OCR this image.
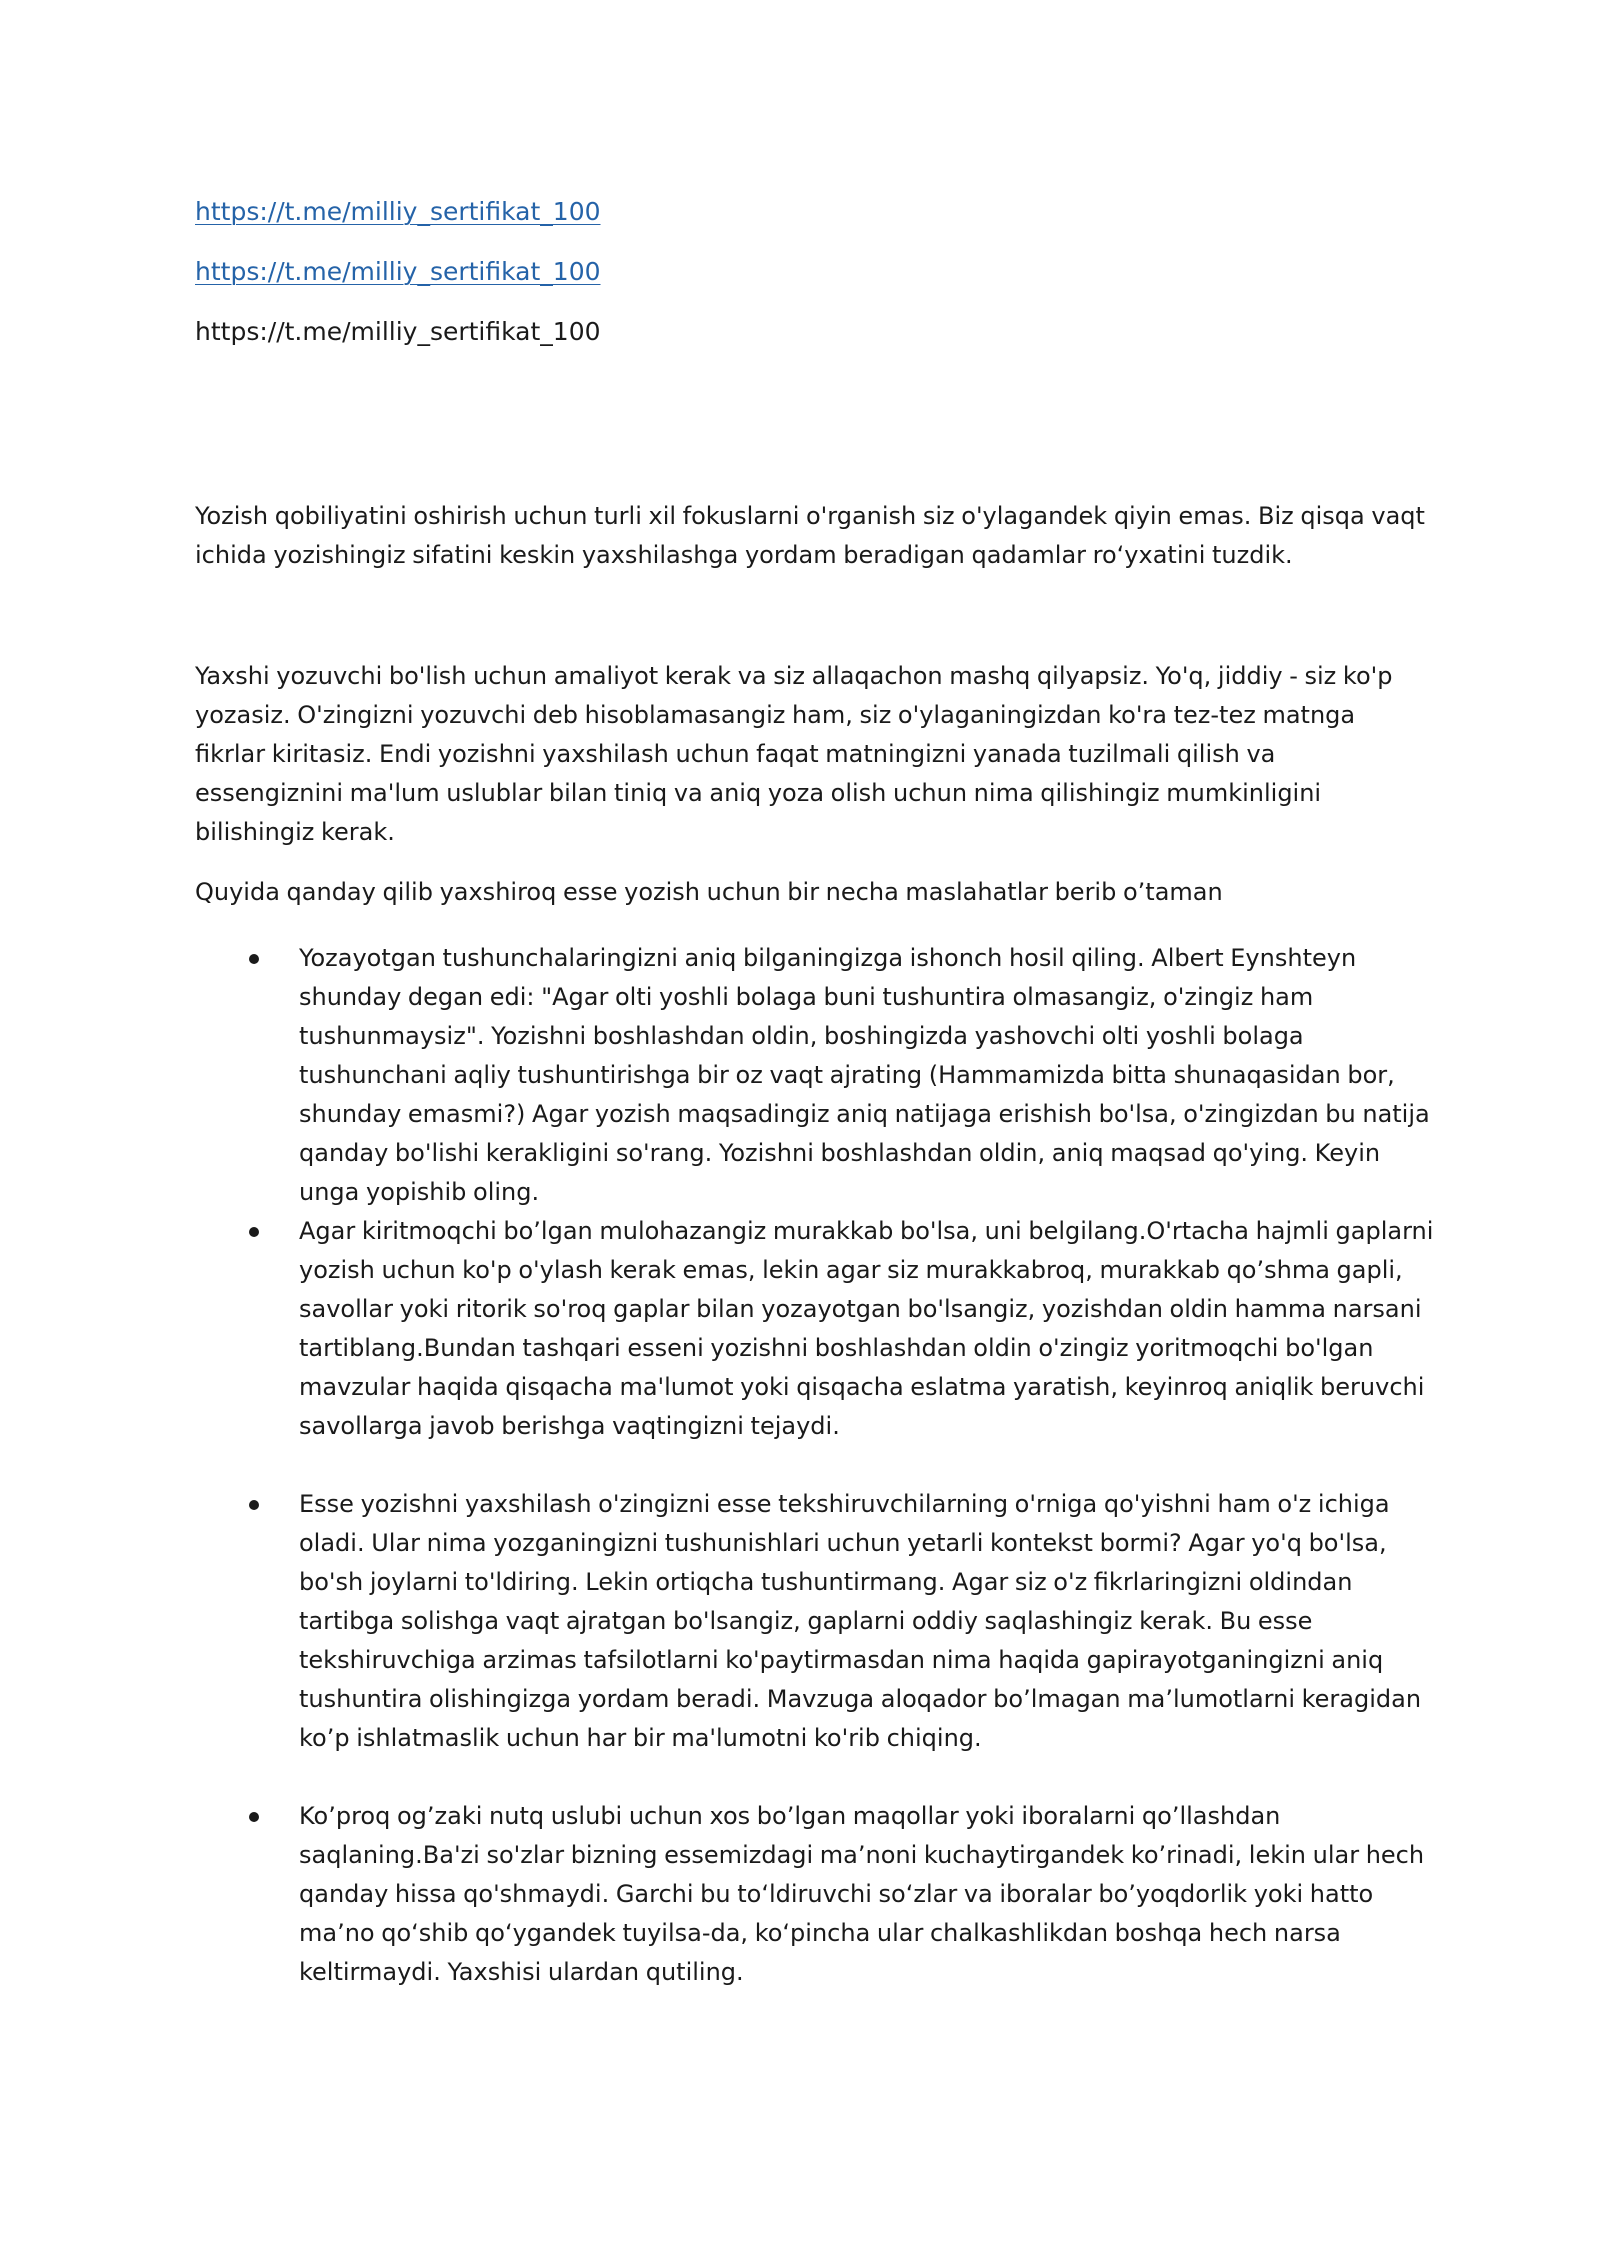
https://t.me/milliy_sertifikat_100
https://t.me/milliy_sertifikat_100
https://t.me/milliy_sertifikat_100

Yozish qobiliyatini oshirish uchun turli xil fokuslarni o'rganish siz o'ylagandek qiyin emas. Biz qisqa vaqt ichida yozishingiz sifatini keskin yaxshilashga yordam beradigan qadamlar ro‘yxatini tuzdik.

Yaxshi yozuvchi bo'lish uchun amaliyot kerak va siz allaqachon mashq qilyapsiz. Yo'q, jiddiy - siz ko'p yozasiz. O'zingizni yozuvchi deb hisoblamasangiz ham, siz o'ylaganingizdan ko'ra tez-tez matnga fikrlar kiritasiz. Endi yozishni yaxshilash uchun faqat matningizni yanada tuzilmali qilish va essengiznini ma'lum uslublar bilan tiniq va aniq yoza olish uchun nima qilishingiz mumkinligini bilishingiz kerak.

Quyida qanday qilib yaxshiroq esse yozish uchun bir necha maslahatlar berib o’taman

Yozayotgan tushunchalaringizni aniq bilganingizga ishonch hosil qiling. Albert Eynshteyn shunday degan edi: "Agar olti yoshli bolaga buni tushuntira olmasangiz, o'zingiz ham tushunmaysiz". Yozishni boshlashdan oldin, boshingizda yashovchi olti yoshli bolaga tushunchani aqliy tushuntirishga bir oz vaqt ajrating (Hammamizda bitta shunaqasidan bor, shunday emasmi?) Agar yozish maqsadingiz aniq natijaga erishish bo'lsa, o'zingizdan bu natija qanday bo'lishi kerakligini so'rang. Yozishni boshlashdan oldin, aniq maqsad qo'ying. Keyin unga yopishib oling.
Agar kiritmoqchi bo’lgan mulohazangiz murakkab bo'lsa, uni belgilang.O'rtacha hajmli gaplarni yozish uchun ko'p o'ylash kerak emas, lekin agar siz murakkabroq, murakkab qo’shma gapli, savollar yoki ritorik so'roq gaplar bilan yozayotgan bo'lsangiz, yozishdan oldin hamma narsani tartiblang.Bundan tashqari esseni yozishni boshlashdan oldin o'zingiz yoritmoqchi bo'lgan mavzular haqida qisqacha ma'lumot yoki qisqacha eslatma yaratish, keyinroq aniqlik beruvchi savollarga javob berishga vaqtingizni tejaydi.
Esse yozishni yaxshilash o'zingizni esse tekshiruvchilarning o'rniga qo'yishni ham o'z ichiga oladi. Ular nima yozganingizni tushunishlari uchun yetarli kontekst bormi? Agar yo'q bo'lsa, bo'sh joylarni to'ldiring. Lekin ortiqcha tushuntirmang. Agar siz o'z fikrlaringizni oldindan tartibga solishga vaqt ajratgan bo'lsangiz, gaplarni oddiy saqlashingiz kerak. Bu esse tekshiruvchiga arzimas tafsilotlarni ko'paytirmasdan nima haqida gapirayotganingizni aniq tushuntira olishingizga yordam beradi. Mavzuga aloqador bo’lmagan ma’lumotlarni keragidan ko’p ishlatmaslik uchun har bir ma'lumotni ko'rib chiqing.
Ko’proq og’zaki nutq uslubi uchun xos bo’lgan maqollar yoki iboralarni qo’llashdan saqlaning.Ba'zi so'zlar bizning essemizdagi ma’noni kuchaytirgandek ko’rinadi, lekin ular hech qanday hissa qo'shmaydi. Garchi bu to‘ldiruvchi so‘zlar va iboralar bo’yoqdorlik yoki hatto ma’no qo‘shib qo‘ygandek tuyilsa-da, ko‘pincha ular chalkashlikdan boshqa hech narsa keltirmaydi. Yaxshisi ulardan qutiling.
